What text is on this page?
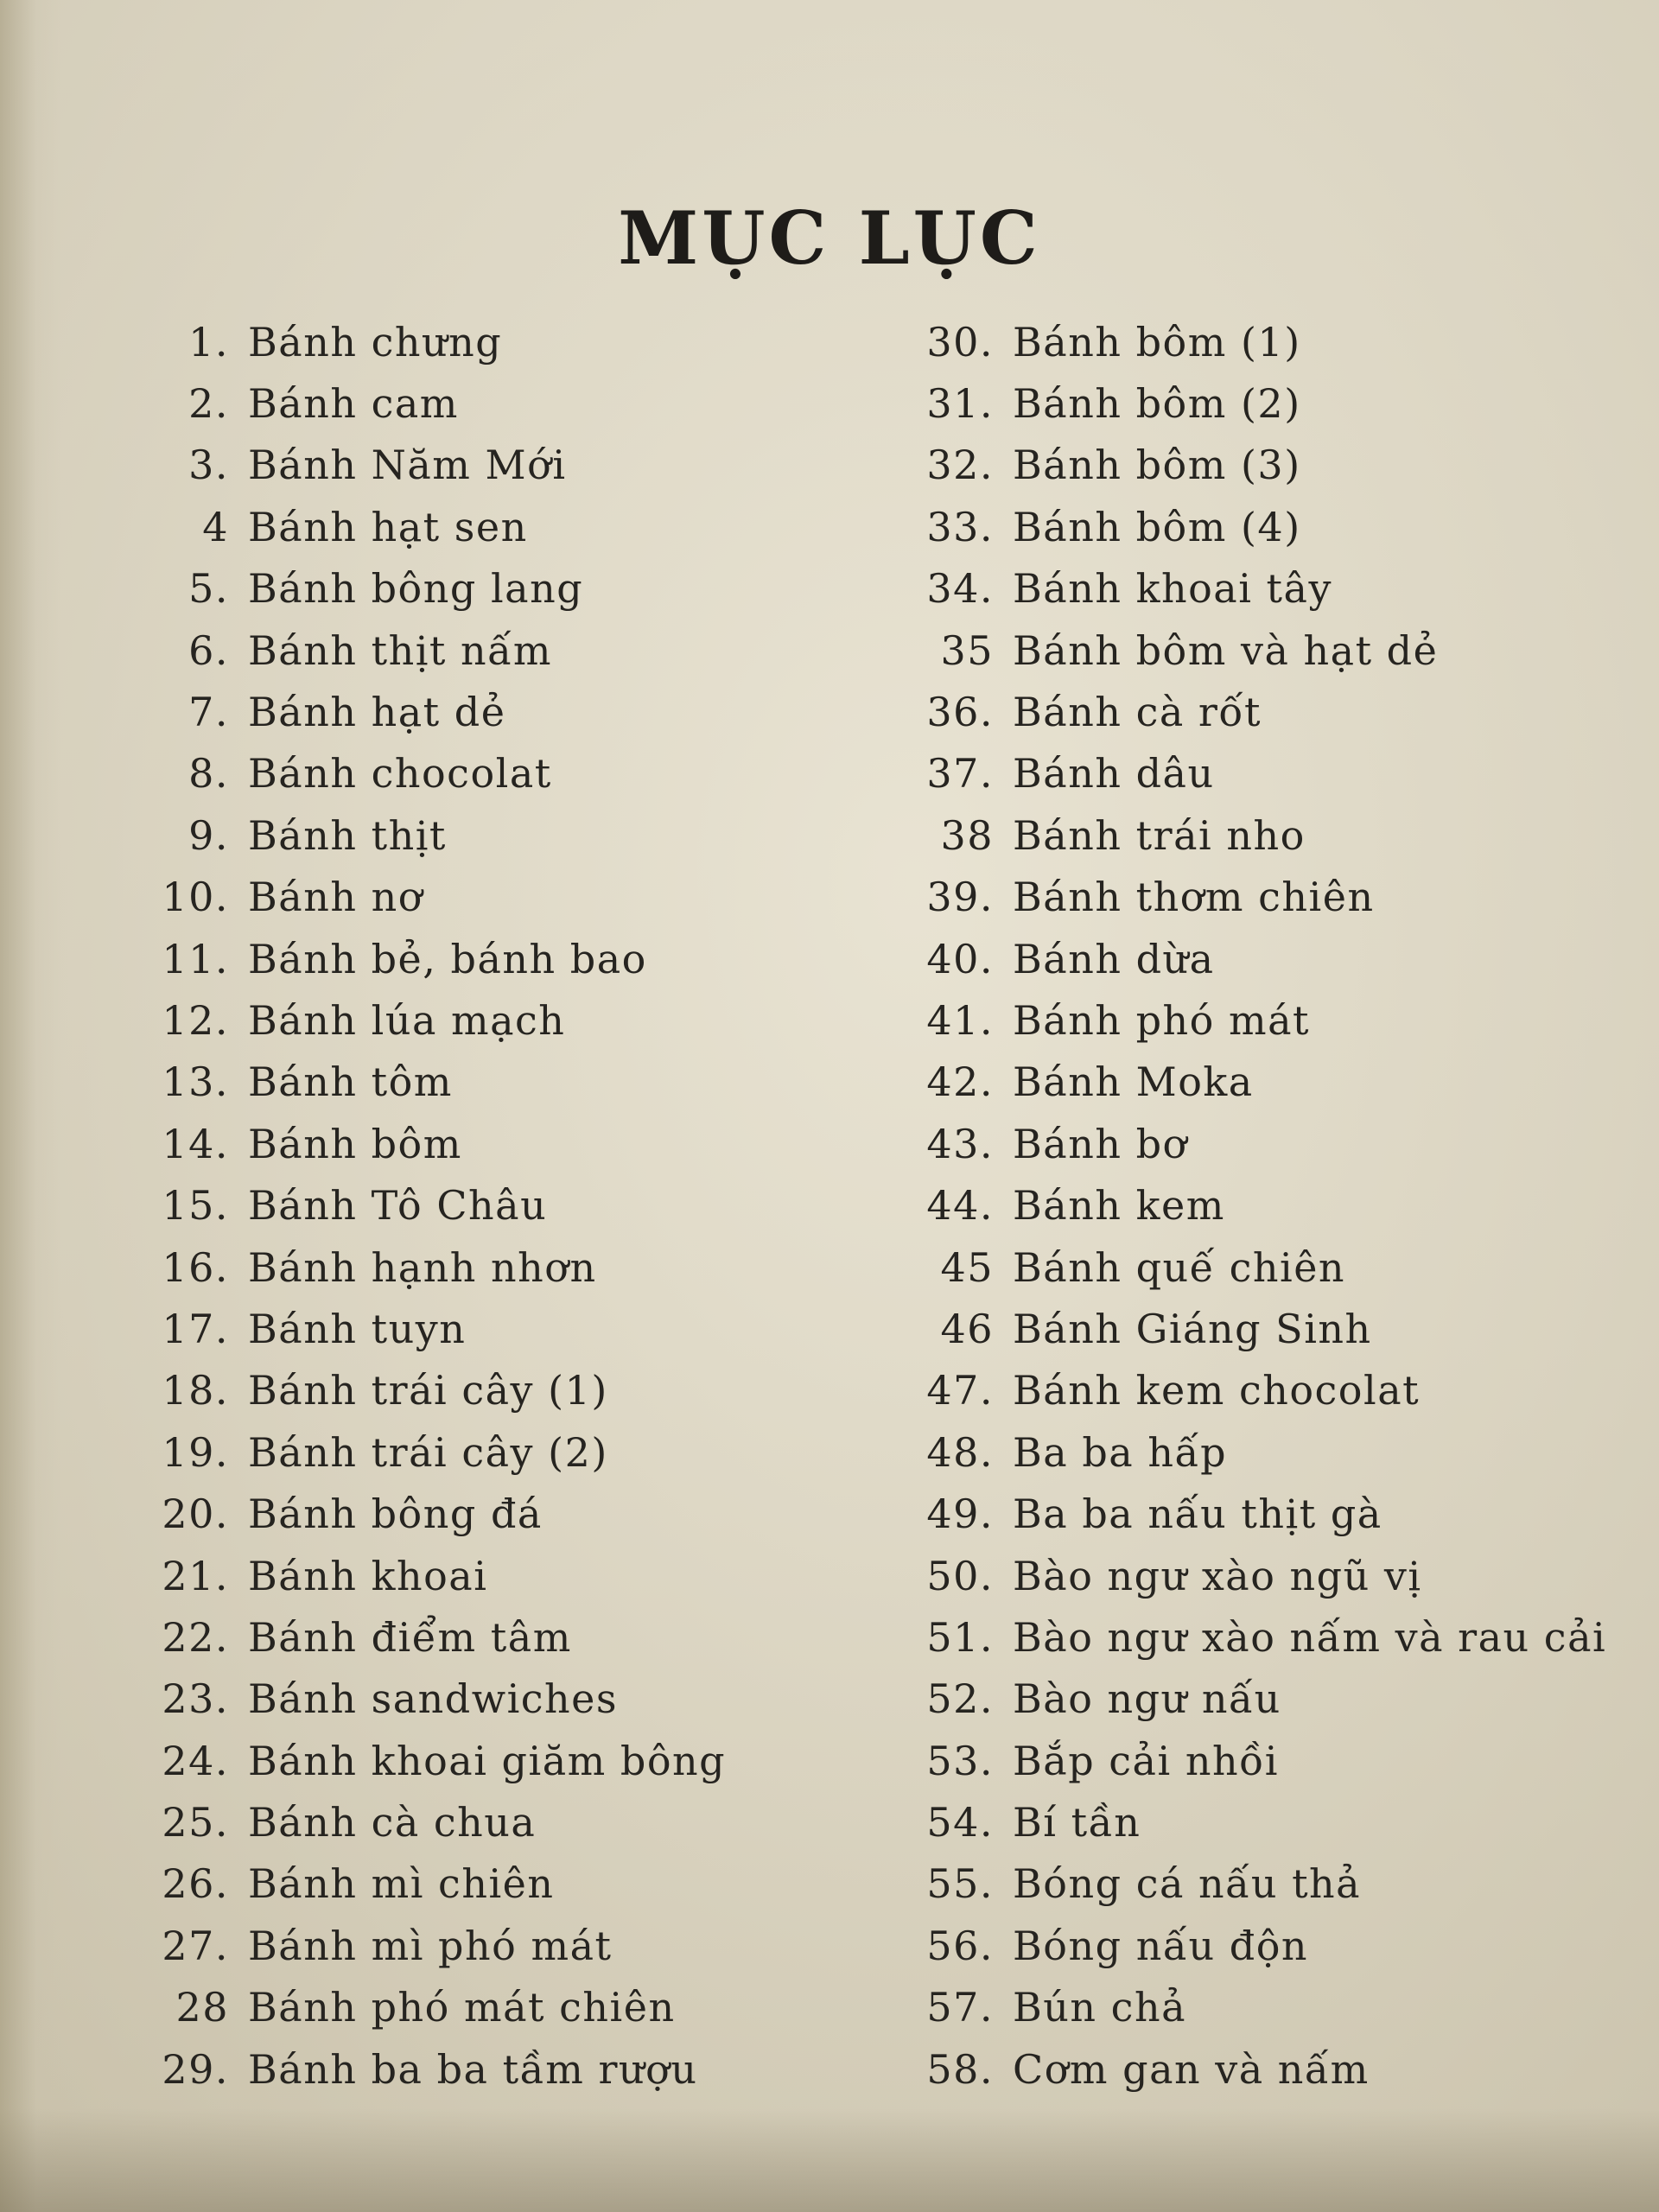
MỤC LỤC
1. Bánh chưng
2. Bánh cam
3. Bánh Năm Mới
4 Bánh hạt sen
5. Bánh bông lang
6. Bánh thịt nấm
7. Bánh hạt dẻ
8. Bánh chocolat
9. Bánh thịt
10. Bánh nơ
11. Bánh bẻ, bánh bao
12. Bánh lúa mạch
13. Bánh tôm
14. Bánh bôm
15. Bánh Tô Châu
16. Bánh hạnh nhơn
17. Bánh tuyn
18. Bánh trái cây (1)
19. Bánh trái cây (2)
20. Bánh bông đá
21. Bánh khoai
22. Bánh điểm tâm
23. Bánh sandwiches
24. Bánh khoai giăm bông
25. Bánh cà chua
26. Bánh mì chiên
27. Bánh mì phó mát
28 Bánh phó mát chiên
29. Bánh ba ba tầm rượu
30. Bánh bôm (1)
31. Bánh bôm (2)
32. Bánh bôm (3)
33. Bánh bôm (4)
34. Bánh khoai tây
35 Bánh bôm và hạt dẻ
36. Bánh cà rốt
37. Bánh dâu
38 Bánh trái nho
39. Bánh thơm chiên
40. Bánh dừa
41. Bánh phó mát
42. Bánh Moka
43. Bánh bơ
44. Bánh kem
45 Bánh quế chiên
46 Bánh Giáng Sinh
47. Bánh kem chocolat
48. Ba ba hấp
49. Ba ba nấu thịt gà
50. Bào ngư xào ngũ vị
51. Bào ngư xào nấm và rau cải
52. Bào ngư nấu
53. Bắp cải nhồi
54. Bí tần
55. Bóng cá nấu thả
56. Bóng nấu độn
57. Bún chả
58. Cơm gan và nấm
